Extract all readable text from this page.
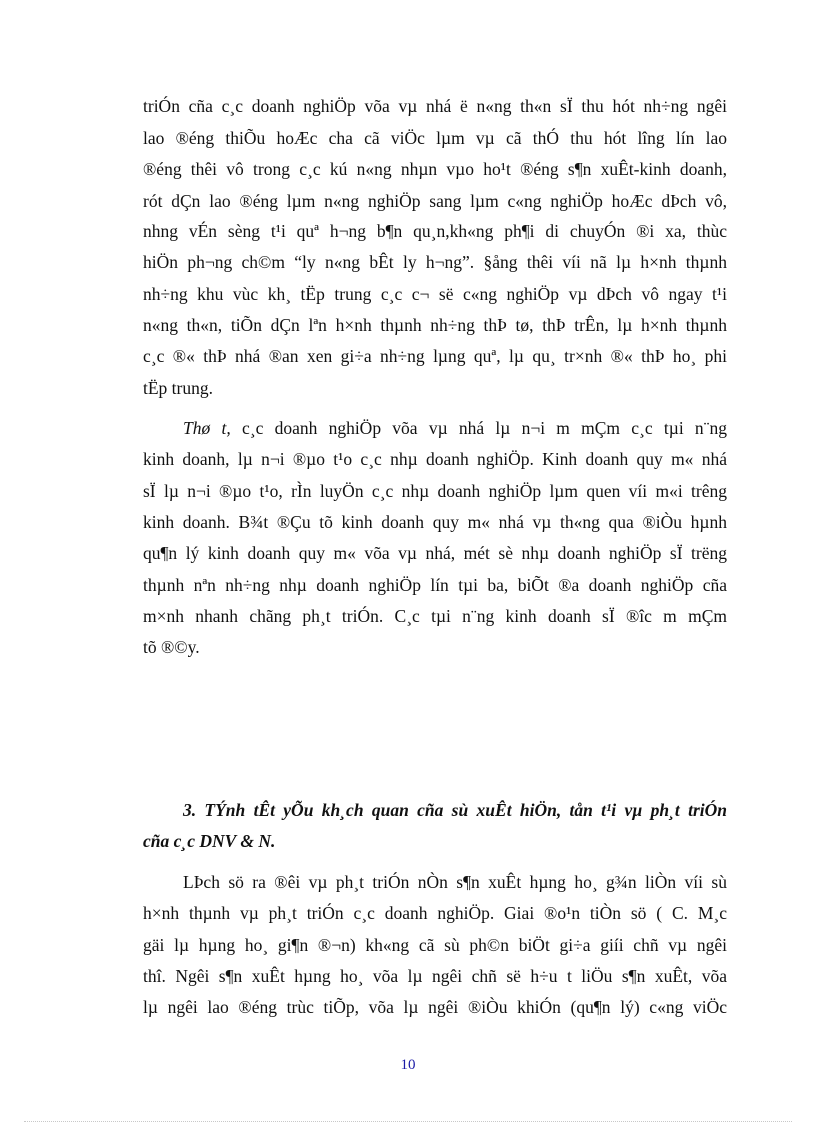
triÓn cña c¸c doanh nghiÖp võa vµ nhá ë n«ng th«n sÏ thu hót nh÷ng ngêi
lao ®éng thiÕu hoÆc cha cã viÖc lµm vµ cã thÓ thu hót lîng lín lao
®éng thêi vô trong c¸c kú n«ng nhµn vµo ho¹t ®éng s¶n xuÊt-kinh doanh,
rót dÇn lao ®éng lµm n«ng nghiÖp sang lµm c«ng nghiÖp hoÆc dÞch vô,
nhng vÉn sèng t¹i quª h¬ng b¶n qu¸n,kh«ng ph¶i di chuyÓn ®i xa, thùc
hiÖn ph¬ng ch©m “ly n«ng bÊt ly h¬ng”. §ång thêi víi nã lµ h×nh thµnh
nh÷ng khu vùc kh¸ tËp trung c¸c c¬ së c«ng nghiÖp vµ dÞch vô ngay t¹i
n«ng th«n, tiÕn dÇn lªn h×nh thµnh nh÷ng thÞ tø, thÞ trÊn, lµ h×nh thµnh
c¸c ®« thÞ nhá ®an xen gi÷a nh÷ng lµng quª, lµ qu¸ tr×nh ®« thÞ ho¸ phi
tËp trung.
Thø t, c¸c doanh nghiÖp võa vµ nhá lµ n¬i m mÇm c¸c tµi n¨ng
kinh doanh, lµ n¬i ®µo t¹o c¸c nhµ doanh nghiÖp. Kinh doanh quy m« nhá
sÏ lµ n¬i ®µo t¹o, rÌn luyÖn c¸c nhµ doanh nghiÖp lµm quen víi m«i trêng
kinh doanh. B¾t ®Çu tõ kinh doanh quy m« nhá vµ th«ng qua ®iÒu hµnh
qu¶n lý kinh doanh quy m« võa vµ nhá, mét sè nhµ doanh nghiÖp sÏ trëng
thµnh nªn nh÷ng nhµ doanh nghiÖp lín tµi ba, biÕt ®a doanh nghiÖp cña
m×nh nhanh chãng ph¸t triÓn. C¸c tµi n¨ng kinh doanh sÏ ®îc m mÇm
tõ ®©y.
3. TÝnh tÊt yÕu kh¸ch quan cña sù xuÊt hiÖn, tån t¹i vµ ph¸t triÓn
cña c¸c DNV & N.
LÞch sö ra ®êi vµ ph¸t triÓn nÒn s¶n xuÊt hµng ho¸ g¾n liÒn víi sù
h×nh thµnh vµ ph¸t triÓn c¸c doanh nghiÖp. Giai ®o¹n tiÒn sö ( C. M¸c
gäi lµ hµng ho¸ gi¶n ®¬n) kh«ng cã sù ph©n biÖt gi÷a giíi chñ vµ ngêi
thî. Ngêi s¶n xuÊt hµng ho¸ võa lµ ngêi chñ së h÷u t liÖu s¶n xuÊt, võa
lµ ngêi lao ®éng trùc tiÕp, võa lµ ngêi ®iÒu khiÓn (qu¶n lý) c«ng viÖc
10
